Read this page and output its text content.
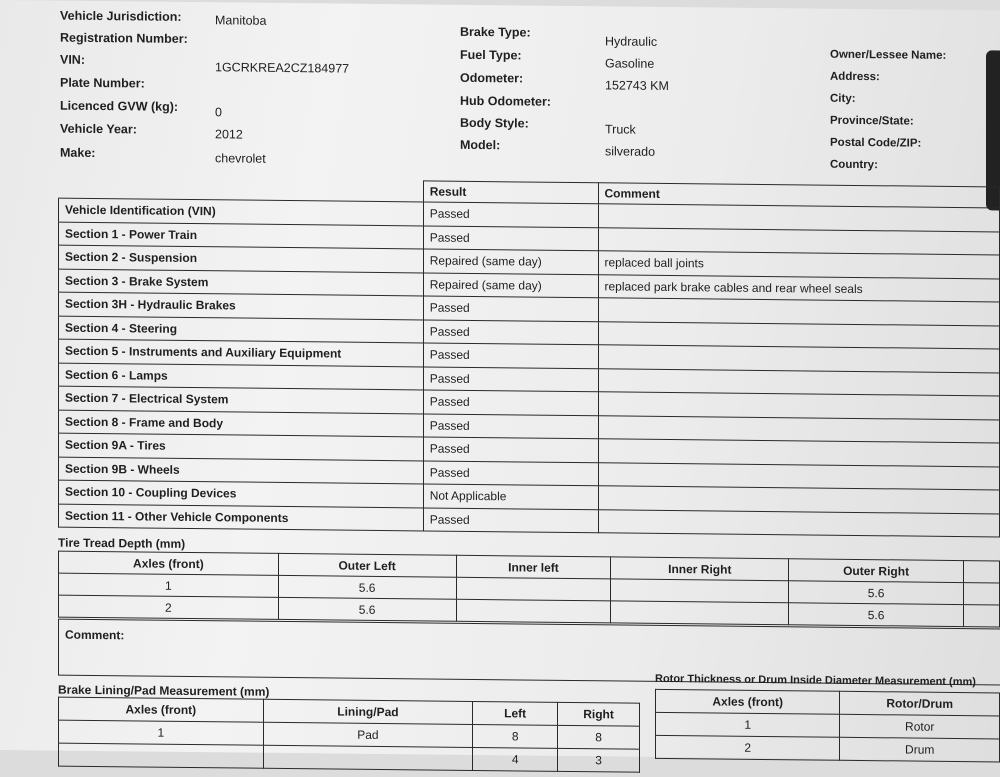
Vehicle Jurisdiction:	Manitoba
Registration Number:
VIN:
1GCRKREA2CZ184977
Plate Number:
Licenced GVW (kg):	0
Vehicle Year:	2012
Make:	chevrolet
Brake Type:
Hydraulic
Fuel Type:
Gasoline
Odometer:
152743 KM
Hub Odometer:
Body Style:	Truck
Model:	silverado
Owner/Lessee Name:
Address:
City:
Province/State:
Postal Code/ZIP:
Country:
	Result	Comment
Vehicle Identification (VIN)	Passed	
Section 1 - Power Train	Passed	
Section 2 - Suspension	Repaired (same day)	replaced ball joints
Section 3 - Brake System	Repaired (same day)	replaced park brake cables and rear wheel seals
Section 3H - Hydraulic Brakes	Passed	
Section 4 - Steering	Passed	
Section 5 - Instruments and Auxiliary Equipment	Passed	
Section 6 - Lamps	Passed	
Section 7 - Electrical System	Passed	
Section 8 - Frame and Body	Passed	
Section 9A - Tires	Passed	
Section 9B - Wheels	Passed	
Section 10 - Coupling Devices	Not Applicable	
Section 11 - Other Vehicle Components	Passed	
Tire Tread Depth (mm)
Axles (front)	Outer Left	Inner left	Inner Right	Outer Right	
1	5.6			5.6	
2	5.6			5.6	
Comment:
Brake Lining/Pad Measurement (mm)
Axles (front)	Lining/Pad	Left	Right
1	Pad	8	8
		4	3
Rotor Thickness or Drum Inside Diameter Measurement (mm)
Axles (front)	Rotor/Drum
1	Rotor
2	Drum
